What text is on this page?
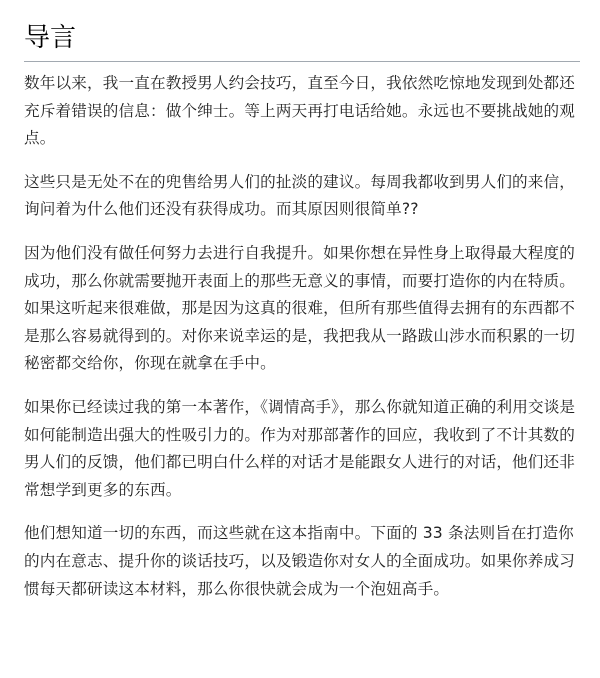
导言

数年以来，我一直在教授男人约会技巧，直至今日，我依然吃惊地发现到处都还充斥着错误的信息：做个绅士。等上两天再打电话给她。永远也不要挑战她的观点。

这些只是无处不在的兜售给男人们的扯淡的建议。每周我都收到男人们的来信，询问着为什么他们还没有获得成功。而其原因则很简单??

因为他们没有做任何努力去进行自我提升。如果你想在异性身上取得最大程度的成功，那么你就需要抛开表面上的那些无意义的事情，而要打造你的内在特质。如果这听起来很难做，那是因为这真的很难，但所有那些值得去拥有的东西都不是那么容易就得到的。对你来说幸运的是，我把我从一路跋山涉水而积累的一切秘密都交给你，你现在就拿在手中。

如果你已经读过我的第一本著作，《调情高手》，那么你就知道正确的利用交谈是如何能制造出强大的性吸引力的。作为对那部著作的回应，我收到了不计其数的男人们的反馈，他们都已明白什么样的对话才是能跟女人进行的对话，他们还非常想学到更多的东西。

他们想知道一切的东西，而这些就在这本指南中。下面的 33 条法则旨在打造你的内在意志、提升你的谈话技巧，以及锻造你对女人的全面成功。如果你养成习惯每天都研读这本材料，那么你很快就会成为一个泡妞高手。
